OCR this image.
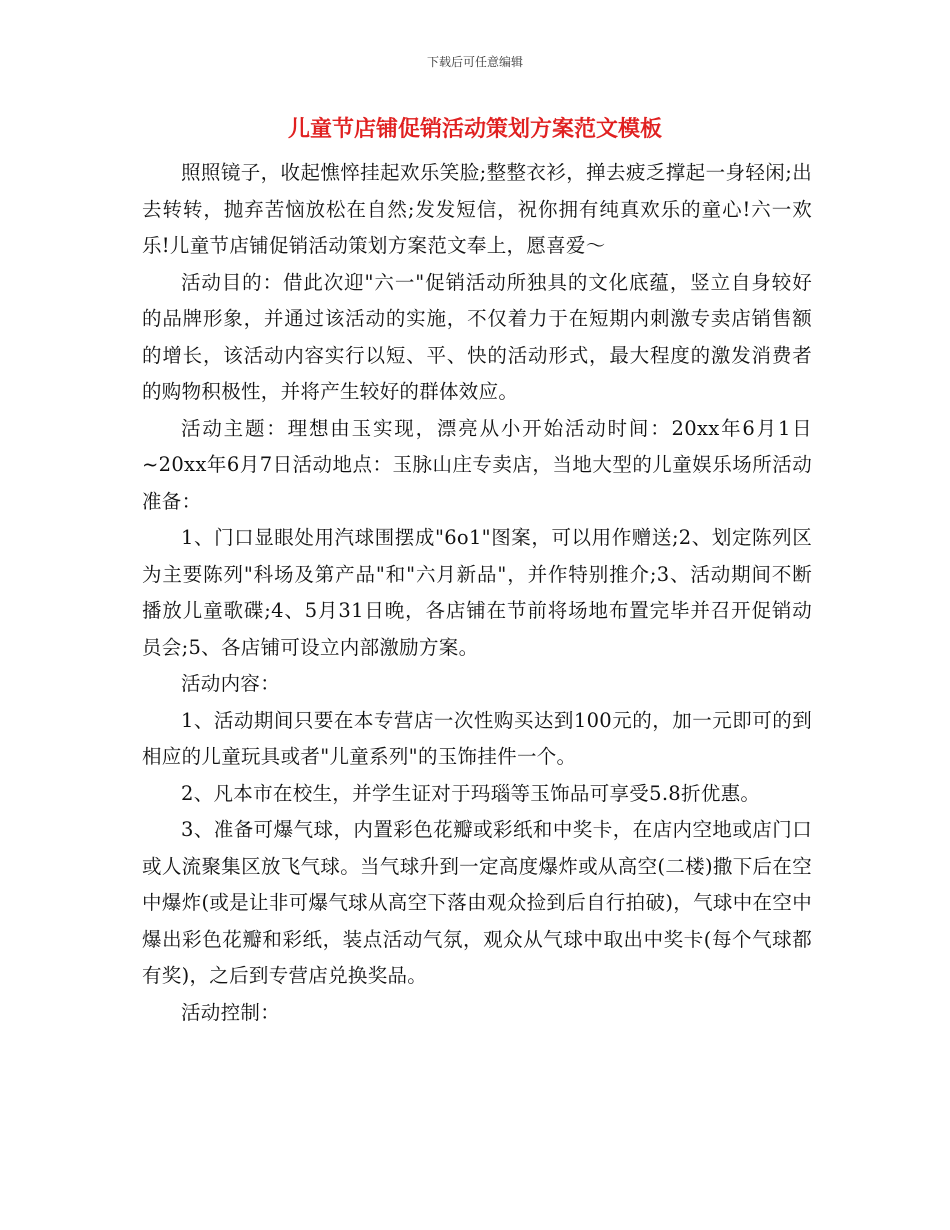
下载后可任意编辑
儿童节店铺促销活动策划方案范文模板

照照镜子，收起憔悴挂起欢乐笑脸;整整衣衫，掸去疲乏撑起一身轻闲;出去转转，抛弃苦恼放松在自然;发发短信，祝你拥有纯真欢乐的童心!六一欢乐!儿童节店铺促销活动策划方案范文奉上，愿喜爱～

活动目的：借此次迎"六一"促销活动所独具的文化底蕴，竖立自身较好的品牌形象，并通过该活动的实施，不仅着力于在短期内刺激专卖店销售额的增长，该活动内容实行以短、平、快的活动形式，最大程度的激发消费者的购物积极性，并将产生较好的群体效应。

活动主题：理想由玉实现，漂亮从小开始活动时间：20xx年6月1日~20xx年6月7日活动地点：玉脉山庄专卖店，当地大型的儿童娱乐场所活动准备：

1、门口显眼处用汽球围摆成"6o1"图案，可以用作赠送;2、划定陈列区为主要陈列"科场及第产品"和"六月新品"，并作特别推介;3、活动期间不断播放儿童歌碟;4、5月31日晚，各店铺在节前将场地布置完毕并召开促销动员会;5、各店铺可设立内部激励方案。

活动内容：

1、活动期间只要在本专营店一次性购买达到100元的，加一元即可的到相应的儿童玩具或者"儿童系列"的玉饰挂件一个。

2、凡本市在校生，并学生证对于玛瑙等玉饰品可享受5.8折优惠。

3、准备可爆气球，内置彩色花瓣或彩纸和中奖卡，在店内空地或店门口或人流聚集区放飞气球。当气球升到一定高度爆炸或从高空(二楼)撒下后在空中爆炸(或是让非可爆气球从高空下落由观众捡到后自行拍破)，气球中在空中爆出彩色花瓣和彩纸，装点活动气氛，观众从气球中取出中奖卡(每个气球都有奖)，之后到专营店兑换奖品。

活动控制：
